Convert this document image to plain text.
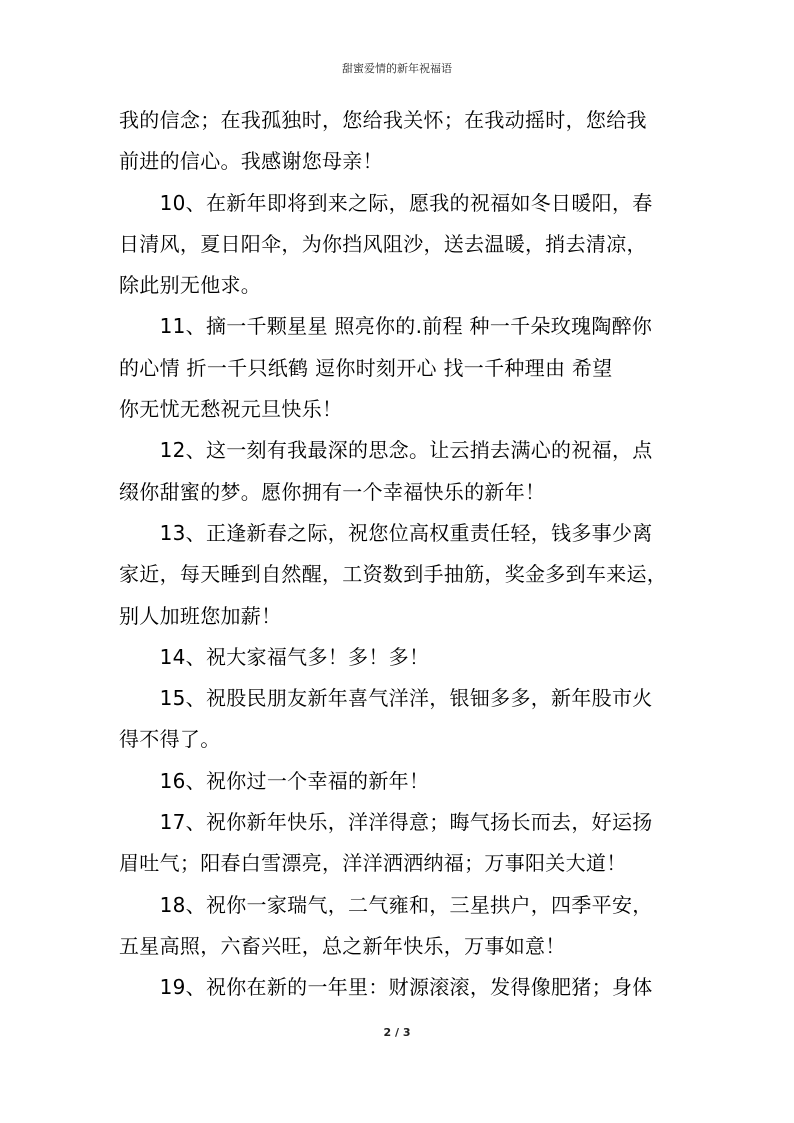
甜蜜爱情的新年祝福语

我的信念；在我孤独时，您给我关怀；在我动摇时，您给我
前进的信心。我感谢您母亲！

　　10、在新年即将到来之际，愿我的祝福如冬日暖阳，春
日清风，夏日阳伞，为你挡风阻沙，送去温暖，捎去清凉，
除此别无他求。

　　11、摘一千颗星星 照亮你的.前程 种一千朵玫瑰陶醉你
的心情 折一千只纸鹤 逗你时刻开心 找一千种理由 希望
你无忧无愁祝元旦快乐！

　　12、这一刻有我最深的思念。让云捎去满心的祝福，点
缀你甜蜜的梦。愿你拥有一个幸福快乐的新年！

　　13、正逢新春之际，祝您位高权重责任轻，钱多事少离
家近，每天睡到自然醒，工资数到手抽筋，奖金多到车来运，
别人加班您加薪！

　　14、祝大家福气多！多！多！

　　15、祝股民朋友新年喜气洋洋，银钿多多，新年股市火
得不得了。

　　16、祝你过一个幸福的新年！

　　17、祝你新年快乐，洋洋得意；晦气扬长而去，好运扬
眉吐气；阳春白雪漂亮，洋洋洒洒纳福；万事阳关大道！

　　18、祝你一家瑞气，二气雍和，三星拱户，四季平安，
五星高照，六畜兴旺，总之新年快乐，万事如意！

　　19、祝你在新的一年里：财源滚滚，发得像肥猪；身体

2 / 3
